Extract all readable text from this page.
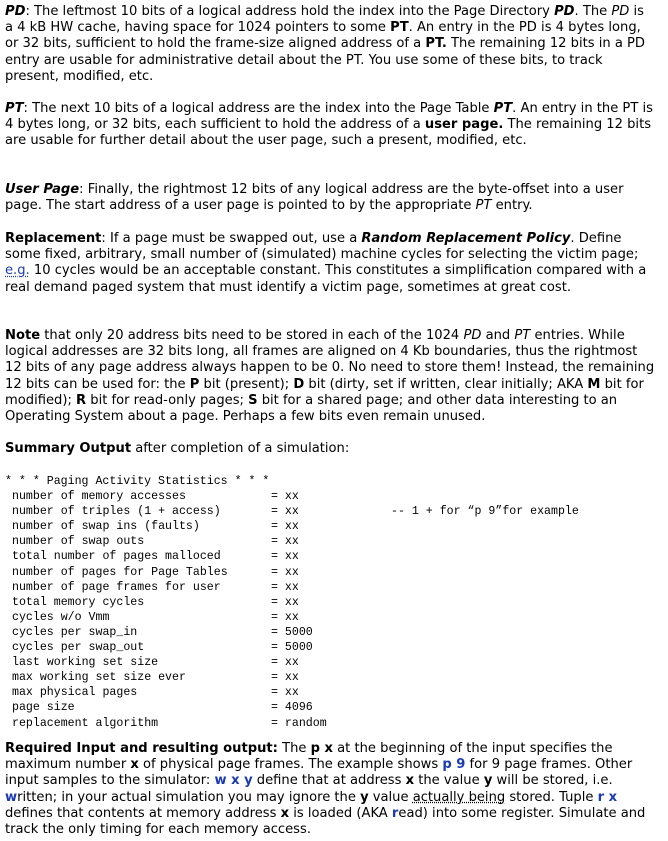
PD: The leftmost 10 bits of a logical address hold the index into the Page Directory PD. The PD is a 4 kB HW cache, having space for 1024 pointers to some PT. An entry in the PD is 4 bytes long, or 32 bits, sufficient to hold the frame-size aligned address of a PT. The remaining 12 bits in a PD entry are usable for administrative detail about the PT. You use some of these bits, to track present, modified, etc.

PT: The next 10 bits of a logical address are the index into the Page Table PT. An entry in the PT is 4 bytes long, or 32 bits, each sufficient to hold the address of a user page. The remaining 12 bits are usable for further detail about the user page, such a present, modified, etc.

User Page: Finally, the rightmost 12 bits of any logical address are the byte-offset into a user page. The start address of a user page is pointed to by the appropriate PT entry.

Replacement: If a page must be swapped out, use a Random Replacement Policy. Define some fixed, arbitrary, small number of (simulated) machine cycles for selecting the victim page; e.g. 10 cycles would be an acceptable constant. This constitutes a simplification compared with a real demand paged system that must identify a victim page, sometimes at great cost.

Note that only 20 address bits need to be stored in each of the 1024 PD and PT entries. While logical addresses are 32 bits long, all frames are aligned on 4 Kb boundaries, thus the rightmost 12 bits of any page address always happen to be 0. No need to store them! Instead, the remaining 12 bits can be used for: the P bit (present); D bit (dirty, set if written, clear initially; AKA M bit for modified); R bit for read-only pages; S bit for a shared page; and other data interesting to an Operating System about a page. Perhaps a few bits even remain unused.

Summary Output after completion of a simulation:

* * * Paging Activity Statistics * * *
number of memory accesses	= xx
number of triples (1 + access)	= xx	-- 1 + for “p 9”for example
number of swap ins (faults)	= xx
number of swap outs	= xx
total number of pages malloced	= xx
number of pages for Page Tables	= xx
number of page frames for user	= xx
total memory cycles	= xx
cycles w/o Vmm	= xx
cycles per swap_in	= 5000
cycles per swap_out	= 5000
last working set size	= xx
max working set size ever	= xx
max physical pages	= xx
page size	= 4096
replacement algorithm	= random

Required Input and resulting output: The p x at the beginning of the input specifies the maximum number x of physical page frames. The example shows p 9 for 9 page frames. Other input samples to the simulator: w x y define that at address x the value y will be stored, i.e. written; in your actual simulation you may ignore the y value actually being stored. Tuple r x defines that contents at memory address x is loaded (AKA read) into some register. Simulate and track the only timing for each memory access.
